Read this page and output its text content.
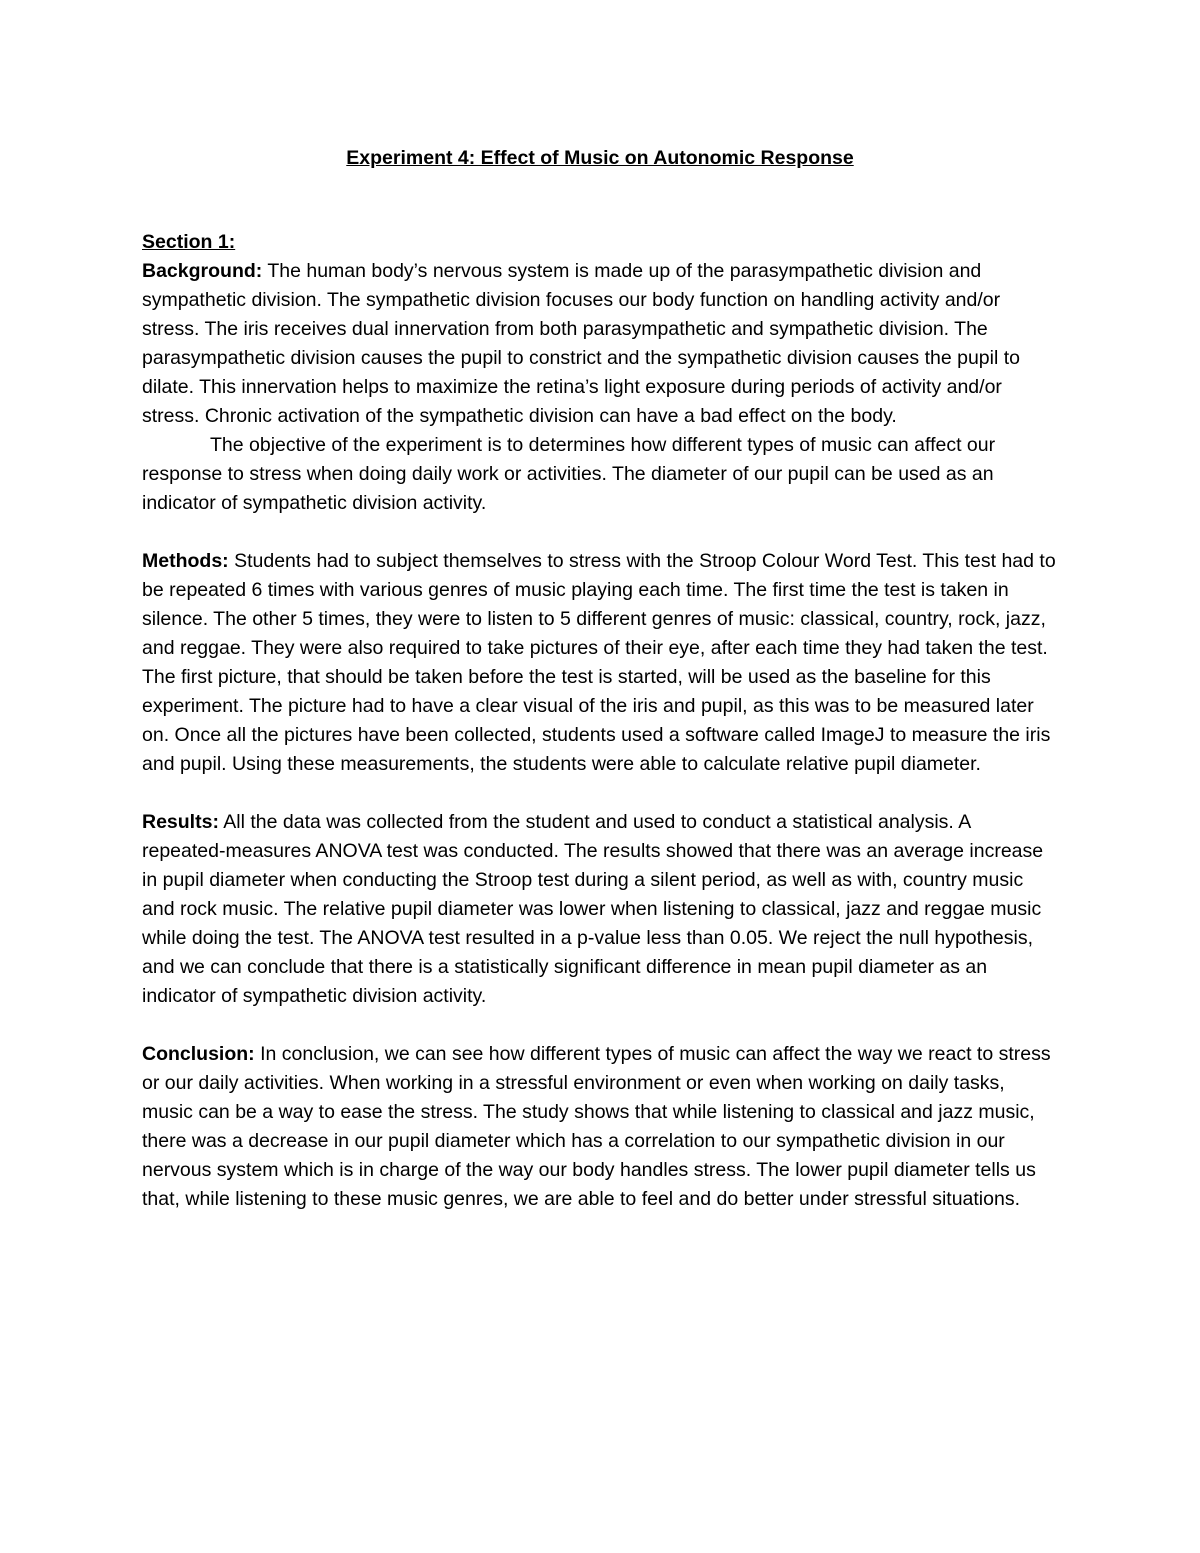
Experiment 4: Effect of Music on Autonomic Response

Section 1:

Background: The human body’s nervous system is made up of the parasympathetic division and sympathetic division. The sympathetic division focuses our body function on handling activity and/or stress. The iris receives dual innervation from both parasympathetic and sympathetic division. The parasympathetic division causes the pupil to constrict and the sympathetic division causes the pupil to dilate. This innervation helps to maximize the retina’s light exposure during periods of activity and/or stress. Chronic activation of the sympathetic division can have a bad effect on the body.

The objective of the experiment is to determines how different types of music can affect our response to stress when doing daily work or activities. The diameter of our pupil can be used as an indicator of sympathetic division activity.

Methods: Students had to subject themselves to stress with the Stroop Colour Word Test. This test had to be repeated 6 times with various genres of music playing each time. The first time the test is taken in silence. The other 5 times, they were to listen to 5 different genres of music: classical, country, rock, jazz, and reggae. They were also required to take pictures of their eye, after each time they had taken the test. The first picture, that should be taken before the test is started, will be used as the baseline for this experiment. The picture had to have a clear visual of the iris and pupil, as this was to be measured later on. Once all the pictures have been collected, students used a software called ImageJ to measure the iris and pupil. Using these measurements, the students were able to calculate relative pupil diameter.

Results: All the data was collected from the student and used to conduct a statistical analysis. A repeated-measures ANOVA test was conducted. The results showed that there was an average increase in pupil diameter when conducting the Stroop test during a silent period, as well as with, country music and rock music. The relative pupil diameter was lower when listening to classical, jazz and reggae music while doing the test. The ANOVA test resulted in a p-value less than 0.05. We reject the null hypothesis, and we can conclude that there is a statistically significant difference in mean pupil diameter as an indicator of sympathetic division activity.

Conclusion: In conclusion, we can see how different types of music can affect the way we react to stress or our daily activities. When working in a stressful environment or even when working on daily tasks, music can be a way to ease the stress. The study shows that while listening to classical and jazz music, there was a decrease in our pupil diameter which has a correlation to our sympathetic division in our nervous system which is in charge of the way our body handles stress. The lower pupil diameter tells us that, while listening to these music genres, we are able to feel and do better under stressful situations.
